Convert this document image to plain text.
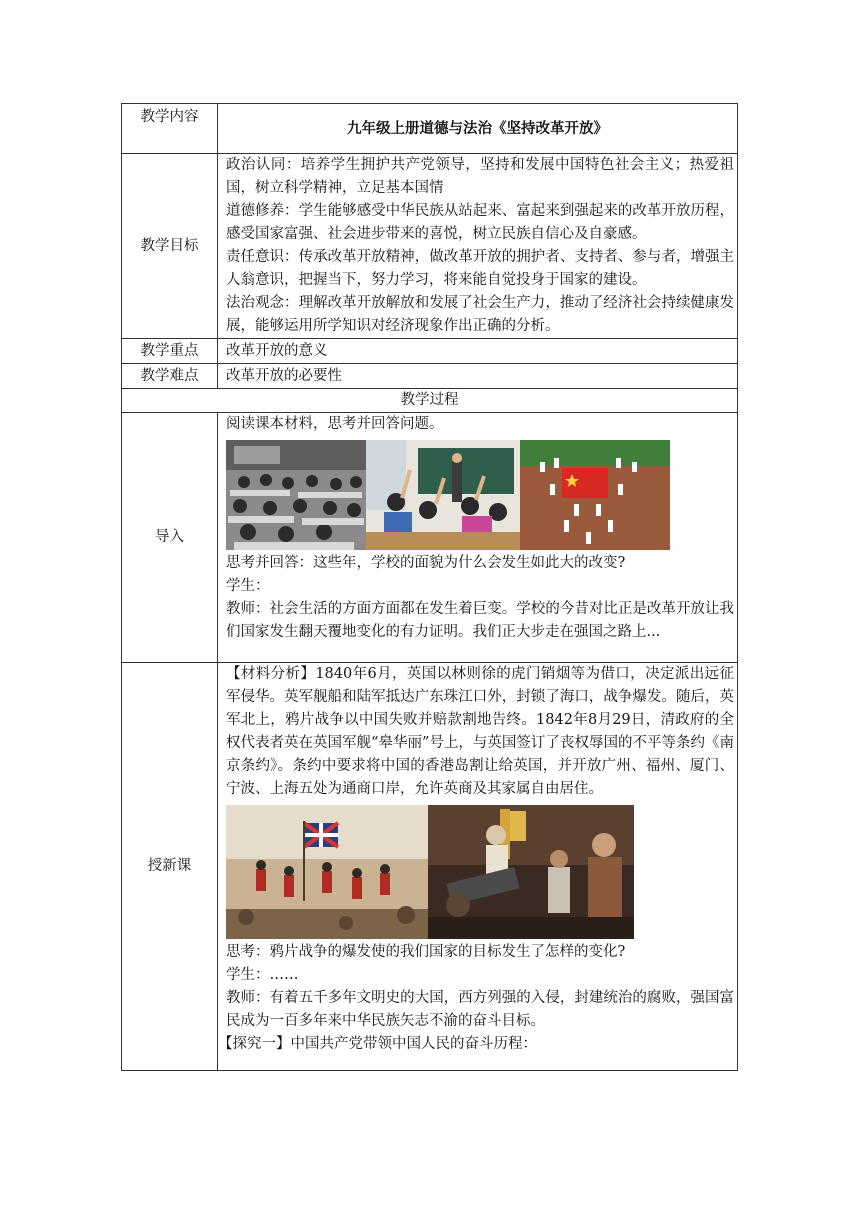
教学内容	九年级上册道德与法治《坚持改革开放》
教学目标	政治认同：培养学生拥护共产党领导，坚持和发展中国特色社会主义；热爱祖国，树立科学精神，立足基本国情
道德修养：学生能够感受中华民族从站起来、富起来到强起来的改革开放历程，感受国家富强、社会进步带来的喜悦，树立民族自信心及自豪感。
责任意识：传承改革开放精神，做改革开放的拥护者、支持者、参与者，增强主人翁意识，把握当下，努力学习，将来能自觉投身于国家的建设。
法治观念：理解改革开放解放和发展了社会生产力，推动了经济社会持续健康发展，能够运用所学知识对经济现象作出正确的分析。

教学重点	改革开放的意义
教学难点	改革开放的必要性
教学过程	
导入	阅读课本材料，思考并回答问题。
思考并回答：这些年，学校的面貌为什么会发生如此大的改变?
学生：
教师：社会生活的方面方面都在发生着巨变。学校的今昔对比正是改革开放让我们国家发生翻天覆地变化的有力证明。我们正大步走在强国之路上...

授新课	【材料分析】1840年6月，英国以林则徐的虎门销烟等为借口，决定派出远征军侵华。英军舰船和陆军抵达广东珠江口外，封锁了海口，战争爆发。随后，英军北上，鸦片战争以中国失败并赔款割地告终。1842年8月29日，清政府的全权代表者英在英国军舰“皋华丽”号上，与英国签订了丧权辱国的不平等条约《南京条约》。条约中要求将中国的香港岛割让给英国，并开放广州、福州、厦门、宁波、上海五处为通商口岸，允许英商及其家属自由居住。
思考：鸦片战争的爆发使的我们国家的目标发生了怎样的变化?
学生：……
教师：有着五千多年文明史的大国，西方列强的入侵，封建统治的腐败，强国富民成为一百多年来中华民族矢志不渝的奋斗目标。
【探究一】中国共产党带领中国人民的奋斗历程：
